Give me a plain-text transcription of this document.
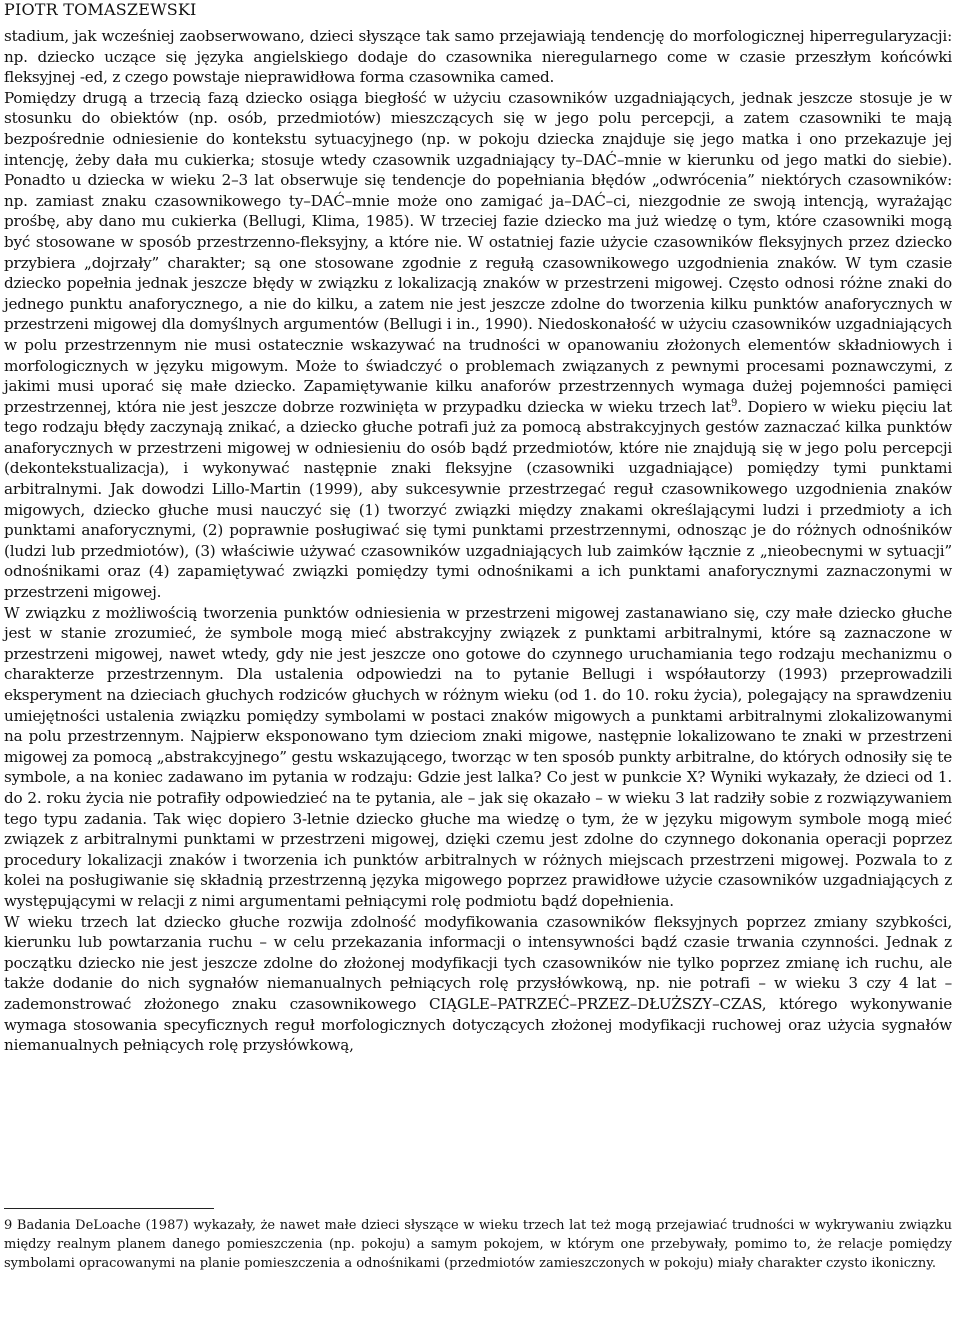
PIOTR TOMASZEWSKI

stadium, jak wcześniej zaobserwowano, dzieci słyszące tak samo przejawiają tendencję do morfologicznej hiperregularyzacji: np. dziecko uczące się języka angielskiego dodaje do czasownika nieregularnego come w czasie przeszłym końcówki fleksyjnej -ed, z czego powstaje nieprawidłowa forma czasownika camed.

Pomiędzy drugą a trzecią fazą dziecko osiąga biegłość w użyciu czasowników uzgadniających, jednak jeszcze stosuje je w stosunku do obiektów (np. osób, przedmiotów) mieszczących się w jego polu percepcji, a zatem czasowniki te mają bezpośrednie odniesienie do kontekstu sytuacyjnego (np. w pokoju dziecka znajduje się jego matka i ono przekazuje jej intencję, żeby dała mu cukierka; stosuje wtedy czasownik uzgadniający ty–DAĆ–mnie w kierunku od jego matki do siebie). Ponadto u dziecka w wieku 2–3 lat obserwuje się tendencje do popełniania błędów „odwrócenia” niektórych czasowników: np. zamiast znaku czasownikowego ty–DAĆ–mnie może ono zamigać ja–DAĆ–ci, niezgodnie ze swoją intencją, wyrażając prośbę, aby dano mu cukierka (Bellugi, Klima, 1985). W trzeciej fazie dziecko ma już wiedzę o tym, które czasowniki mogą być stosowane w sposób przestrzenno-fleksyjny, a które nie. W ostatniej fazie użycie czasowników fleksyjnych przez dziecko przybiera „dojrzały” charakter; są one stosowane zgodnie z regułą czasownikowego uzgodnienia znaków. W tym czasie dziecko popełnia jednak jeszcze błędy w związku z lokalizacją znaków w przestrzeni migowej. Często odnosi różne znaki do jednego punktu anaforycznego, a nie do kilku, a zatem nie jest jeszcze zdolne do tworzenia kilku punktów anaforycznych w przestrzeni migowej dla domyślnych argumentów (Bellugi i in., 1990). Niedoskonałość w użyciu czasowników uzgadniających w polu przestrzennym nie musi ostatecznie wskazywać na trudności w opanowaniu złożonych elementów składniowych i morfologicznych w języku migowym. Może to świadczyć o problemach związanych z pewnymi procesami poznawczymi, z jakimi musi uporać się małe dziecko. Zapamiętywanie kilku anaforów przestrzennych wymaga dużej pojemności pamięci przestrzennej, która nie jest jeszcze dobrze rozwinięta w przypadku dziecka w wieku trzech lat$^9$. Dopiero w wieku pięciu lat tego rodzaju błędy zaczynają znikać, a dziecko głuche potrafi już za pomocą abstrakcyjnych gestów zaznaczać kilka punktów anaforycznych w przestrzeni migowej w odniesieniu do osób bądź przedmiotów, które nie znajdują się w jego polu percepcji (dekontekstualizacja), i wykonywać następnie znaki fleksyjne (czasowniki uzgadniające) pomiędzy tymi punktami arbitralnymi. Jak dowodzi Lillo-Martin (1999), aby sukcesywnie przestrzegać reguł czasownikowego uzgodnienia znaków migowych, dziecko głuche musi nauczyć się (1) tworzyć związki między znakami określającymi ludzi i przedmioty a ich punktami anaforycznymi, (2) poprawnie posługiwać się tymi punktami przestrzennymi, odnosząc je do różnych odnośników (ludzi lub przedmiotów), (3) właściwie używać czasowników uzgadniających lub zaimków łącznie z „nieobecnymi w sytuacji” odnośnikami oraz (4) zapamiętywać związki pomiędzy tymi odnośnikami a ich punktami anaforycznymi zaznaczonymi w przestrzeni migowej.

W związku z możliwością tworzenia punktów odniesienia w przestrzeni migowej zastanawiano się, czy małe dziecko głuche jest w stanie zrozumieć, że symbole mogą mieć abstrakcyjny związek z punktami arbitralnymi, które są zaznaczone w przestrzeni migowej, nawet wtedy, gdy nie jest jeszcze ono gotowe do czynnego uruchamiania tego rodzaju mechanizmu o charakterze przestrzennym. Dla ustalenia odpowiedzi na to pytanie Bellugi i współautorzy (1993) przeprowadzili eksperyment na dzieciach głuchych rodziców głuchych w różnym wieku (od 1. do 10. roku życia), polegający na sprawdzeniu umiejętności ustalenia związku pomiędzy symbolami w postaci znaków migowych a punktami arbitralnymi zlokalizowanymi na polu przestrzennym. Najpierw eksponowano tym dzieciom znaki migowe, następnie lokalizowano te znaki w przestrzeni migowej za pomocą „abstrakcyjnego” gestu wskazującego, tworząc w ten sposób punkty arbitralne, do których odnosiły się te symbole, a na koniec zadawano im pytania w rodzaju: Gdzie jest lalka? Co jest w punkcie X? Wyniki wykazały, że dzieci od 1. do 2. roku życia nie potrafiły odpowiedzieć na te pytania, ale – jak się okazało – w wieku 3 lat radziły sobie z rozwiązywaniem tego typu zadania. Tak więc dopiero 3-letnie dziecko głuche ma wiedzę o tym, że w języku migowym symbole mogą mieć związek z arbitralnymi punktami w przestrzeni migowej, dzięki czemu jest zdolne do czynnego dokonania operacji poprzez procedury lokalizacji znaków i tworzenia ich punktów arbitralnych w różnych miejscach przestrzeni migowej. Pozwala to z kolei na posługiwanie się składnią przestrzenną języka migowego poprzez prawidłowe użycie czasowników uzgadniających z występującymi w relacji z nimi argumentami pełniącymi rolę podmiotu bądź dopełnienia.

W wieku trzech lat dziecko głuche rozwija zdolność modyfikowania czasowników fleksyjnych poprzez zmiany szybkości, kierunku lub powtarzania ruchu – w celu przekazania informacji o intensywności bądź czasie trwania czynności. Jednak z początku dziecko nie jest jeszcze zdolne do złożonej modyfikacji tych czasowników nie tylko poprzez zmianę ich ruchu, ale także dodanie do nich sygnałów niemanualnych pełniących rolę przysłówkową, np. nie potrafi – w wieku 3 czy 4 lat – zademonstrować złożonego znaku czasownikowego CIĄGLE–PATRZEĆ–PRZEZ–DŁUŻSZY–CZAS, którego wykonywanie wymaga stosowania specyficznych reguł morfologicznych dotyczących złożonej modyfikacji ruchowej oraz użycia sygnałów niemanualnych pełniących rolę przysłówkową,

9 Badania DeLoache (1987) wykazały, że nawet małe dzieci słyszące w wieku trzech lat też mogą przejawiać trudności w wykrywaniu związku między realnym planem danego pomieszczenia (np. pokoju) a samym pokojem, w którym one przebywały, pomimo to, że relacje pomiędzy symbolami opracowanymi na planie pomieszczenia a odnośnikami (przedmiotów zamieszczonych w pokoju) miały charakter czysto ikoniczny.
